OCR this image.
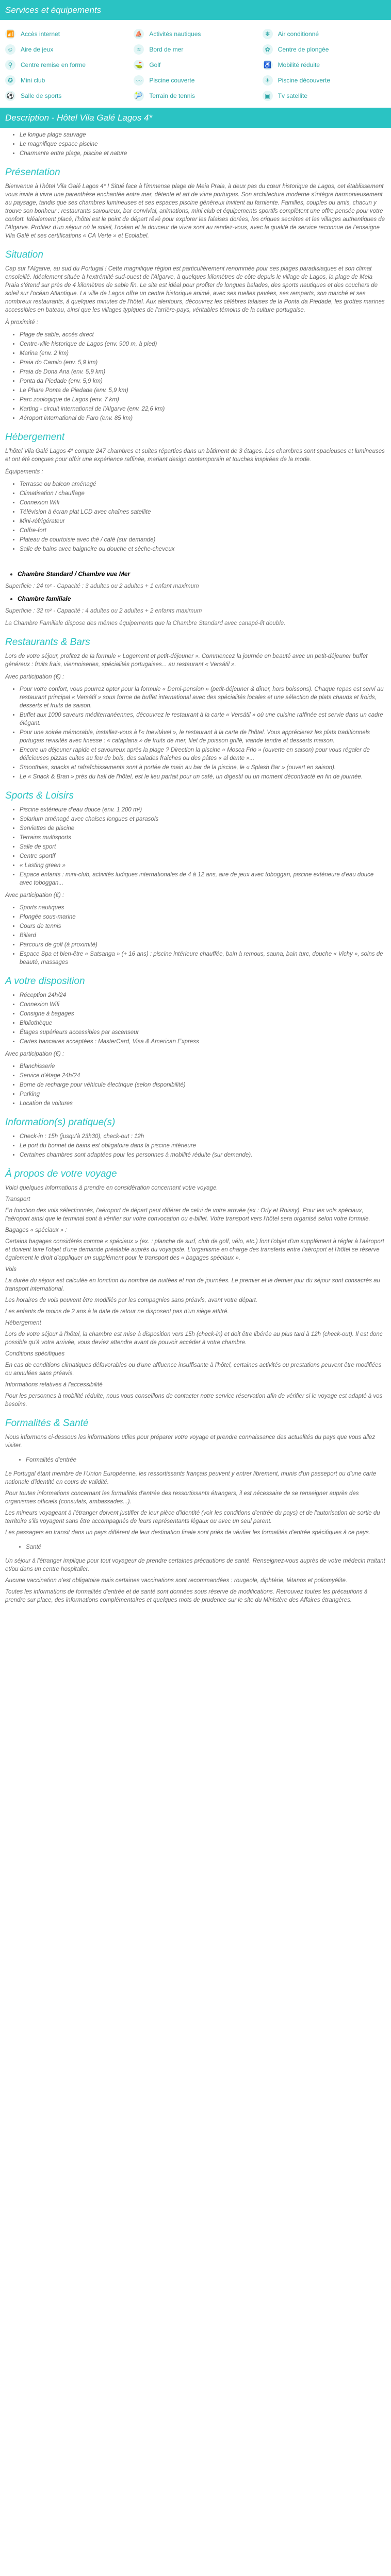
Services et équipements
📶 Accès internet	⛵ Activités nautiques	❄	Air conditionné
☺	Aire de jeux	≈	Bord de mer	✿	Centre de plongée
⚲	Centre remise en forme	⛳ Golf	♿ Mobilité réduite
✪	Mini club	〰	Piscine couverte	☀	Piscine découverte
⚽ Salle de sports	🎾 Terrain de tennis	▣	Tv satellite
Description - Hôtel Vila Galé Lagos 4*
• Le longue plage sauvage
• Le magnifique espace piscine
• Charmante entre plage, piscine et nature
Présentation

Bienvenue à l'hôtel Vila Galé Lagos 4* ! Situé face à l'immense plage de Meia Praia, à deux pas du cœur historique de Lagos, cet établissement vous invite à vivre une parenthèse enchantée entre mer, détente et art de vivre portugais. Son architecture moderne s'intègre harmonieusement au paysage, tandis que ses chambres lumineuses et ses espaces piscine généreux invitent au farniente. Familles, couples ou amis, chacun y trouve son bonheur : restaurants savoureux, bar convivial, animations, mini club et équipements sportifs complètent une offre pensée pour votre confort. Idéalement placé, l'hôtel est le point de départ rêvé pour explorer les falaises dorées, les criques secrètes et les villages authentiques de l'Algarve. Profitez d'un séjour où le soleil, l'océan et la douceur de vivre sont au rendez-vous, avec la qualité de service reconnue de l'enseigne Vila Galé et ses certifications « CA Verte » et Ecolabel.

Situation

Cap sur l'Algarve, au sud du Portugal ! Cette magnifique région est particulièrement renommée pour ses plages paradisiaques et son climat ensoleillé. Idéalement située à l'extrémité sud-ouest de l'Algarve, à quelques kilomètres de côte depuis le village de Lagos, la plage de Meia Praia s'étend sur près de 4 kilomètres de sable fin. Le site est idéal pour profiter de longues balades, des sports nautiques et des couchers de soleil sur l'océan Atlantique. La ville de Lagos offre un centre historique animé, avec ses ruelles pavées, ses remparts, son marché et ses nombreux restaurants, à quelques minutes de l'hôtel. Aux alentours, découvrez les célèbres falaises de la Ponta da Piedade, les grottes marines accessibles en bateau, ainsi que les villages typiques de l'arrière-pays, véritables témoins de la culture portugaise.

À proximité :

• Plage de sable, accès direct
• Centre-ville historique de Lagos (env. 900 m, à pied)
• Marina (env. 2 km)
• Praia do Camilo (env. 5,9 km)
• Praia de Dona Ana (env. 5,9 km)
• Ponta da Piedade (env. 5,9 km)
• Le Phare Ponta de Piedade (env. 5,9 km)
• Parc zoologique de Lagos (env. 7 km)
• Karting - circuit international de l'Algarve (env. 22,6 km)
• Aéroport international de Faro (env. 85 km)
Hébergement

L'hôtel Vila Galé Lagos 4* compte 247 chambres et suites réparties dans un bâtiment de 3 étages. Les chambres sont spacieuses et lumineuses et ont été conçues pour offrir une expérience raffinée, mariant design contemporain et touches inspirées de la mode.

Équipements :

• Terrasse ou balcon aménagé
• Climatisation / chauffage
• Connexion Wifi
• Télévision à écran plat LCD avec chaînes satellite
• Mini-réfrigérateur
• Coffre-fort
• Plateau de courtoisie avec thé / café (sur demande)
• Salle de bains avec baignoire ou douche et sèche-cheveux
• Chambre Standard / Chambre vue Mer
Superficie : 24 m² - Capacité : 3 adultes ou 2 adultes + 1 enfant maximum
• Chambre familiale
Superficie : 32 m² - Capacité : 4 adultes ou 2 adultes + 2 enfants maximum
La Chambre Familiale dispose des mêmes équipements que la Chambre Standard avec canapé-lit double.
Restaurants & Bars

Lors de votre séjour, profitez de la formule « Logement et petit-déjeuner ». Commencez la journée en beauté avec un petit-déjeuner buffet généreux : fruits frais, viennoiseries, spécialités portugaises... au restaurant « Versátil ».

Avec participation (€) :

• Pour votre confort, vous pourrez opter pour la formule « Demi-pension » (petit-déjeuner & dîner, hors boissons). Chaque repas est servi au restaurant principal « Versátil » sous forme de buffet international avec des spécialités locales et une sélection de plats chauds et froids, desserts et fruits de saison.
• Buffet aux 1000 saveurs méditerranéennes, découvrez le restaurant à la carte « Versátil » où une cuisine raffinée est servie dans un cadre élégant.
• Pour une soirée mémorable, installez-vous à l'« Inevitável », le restaurant à la carte de l'hôtel. Vous apprécierez les plats traditionnels portugais revisités avec finesse : « cataplana » de fruits de mer, filet de poisson grillé, viande tendre et desserts maison.
• Encore un déjeuner rapide et savoureux après la plage ? Direction la piscine « Mosca Frio » (ouverte en saison) pour vous régaler de délicieuses pizzas cuites au feu de bois, des salades fraîches ou des pâtes « al dente »...
• Smoothies, snacks et rafraîchissements sont à portée de main au bar de la piscine, le « Splash Bar » (ouvert en saison).
• Le « Snack & Bran » près du hall de l'hôtel, est le lieu parfait pour un café, un digestif ou un moment décontracté en fin de journée.
Sports & Loisirs
• Piscine extérieure d'eau douce (env. 1 200 m²)
• Solarium aménagé avec chaises longues et parasols
• Serviettes de piscine
• Terrains multisports
• Salle de sport
• Centre sportif
• « Lasting green »
• Espace enfants : mini-club, activités ludiques internationales de 4 à 12 ans, aire de jeux avec toboggan, piscine extérieure d'eau douce avec toboggan...

Avec participation (€) :

• Sports nautiques
• Plongée sous-marine
• Cours de tennis
• Billard
• Parcours de golf (à proximité)
• Espace Spa et bien-être « Satsanga » (+ 16 ans) : piscine intérieure chauffée, bain à remous, sauna, bain turc, douche « Vichy », soins de beauté, massages
A votre disposition
• Réception 24h/24
• Connexion Wifi
• Consigne à bagages
• Bibliothèque
• Étages supérieurs accessibles par ascenseur
• Cartes bancaires acceptées : MasterCard, Visa & American Express

Avec participation (€) :

• Blanchisserie
• Service d'étage 24h/24
• Borne de recharge pour véhicule électrique (selon disponibilité)
• Parking
• Location de voitures
Information(s) pratique(s)
• Check-in : 15h (jusqu'à 23h30), check-out : 12h
• Le port du bonnet de bains est obligatoire dans la piscine intérieure
• Certaines chambres sont adaptées pour les personnes à mobilité réduite (sur demande).
À propos de votre voyage

Voici quelques informations à prendre en considération concernant votre voyage.

Transport

En fonction des vols sélectionnés, l'aéroport de départ peut différer de celui de votre arrivée (ex : Orly et Roissy). Pour les vols spéciaux, l'aéroport ainsi que le terminal sont à vérifier sur votre convocation ou e-billet. Votre transport vers l'hôtel sera organisé selon votre formule.

Bagages « spéciaux » :

Certains bagages considérés comme « spéciaux » (ex. : planche de surf, club de golf, vélo, etc.) font l'objet d'un supplément à régler à l'aéroport et doivent faire l'objet d'une demande préalable auprès du voyagiste. L'organisme en charge des transferts entre l'aéroport et l'hôtel se réserve également le droit d'appliquer un supplément pour le transport des « bagages spéciaux ».

Vols

La durée du séjour est calculée en fonction du nombre de nuitées et non de journées. Le premier et le dernier jour du séjour sont consacrés au transport international.

Les horaires de vols peuvent être modifiés par les compagnies sans préavis, avant votre départ.

Les enfants de moins de 2 ans à la date de retour ne disposent pas d'un siège attitré.

Hébergement

Lors de votre séjour à l'hôtel, la chambre est mise à disposition vers 15h (check-in) et doit être libérée au plus tard à 12h (check-out). Il est donc possible qu'à votre arrivée, vous deviez attendre avant de pouvoir accéder à votre chambre.

Conditions spécifiques

En cas de conditions climatiques défavorables ou d'une affluence insuffisante à l'hôtel, certaines activités ou prestations peuvent être modifiées ou annulées sans préavis.

Informations relatives à l'accessibilité

Pour les personnes à mobilité réduite, nous vous conseillons de contacter notre service réservation afin de vérifier si le voyage est adapté à vos besoins.

Formalités & Santé

Nous informons ci-dessous les informations utiles pour préparer votre voyage et prendre connaissance des actualités du pays que vous allez visiter.

• Formalités d'entrée

Le Portugal étant membre de l'Union Européenne, les ressortissants français peuvent y entrer librement, munis d'un passeport ou d'une carte nationale d'identité en cours de validité.

Pour toutes informations concernant les formalités d'entrée des ressortissants étrangers, il est nécessaire de se renseigner auprès des organismes officiels (consulats, ambassades...).

Les mineurs voyageant à l'étranger doivent justifier de leur pièce d'identité (voir les conditions d'entrée du pays) et de l'autorisation de sortie du territoire s'ils voyagent sans être accompagnés de leurs représentants légaux ou avec un seul parent.

Les passagers en transit dans un pays différent de leur destination finale sont priés de vérifier les formalités d'entrée spécifiques à ce pays.

• Santé

Un séjour à l'étranger implique pour tout voyageur de prendre certaines précautions de santé. Renseignez-vous auprès de votre médecin traitant et/ou dans un centre hospitalier.

Aucune vaccination n'est obligatoire mais certaines vaccinations sont recommandées : rougeole, diphtérie, tétanos et poliomyélite.

Toutes les informations de formalités d'entrée et de santé sont données sous réserve de modifications. Retrouvez toutes les précautions à prendre sur place, des informations complémentaires et quelques mots de prudence sur le site du Ministère des Affaires étrangères.
